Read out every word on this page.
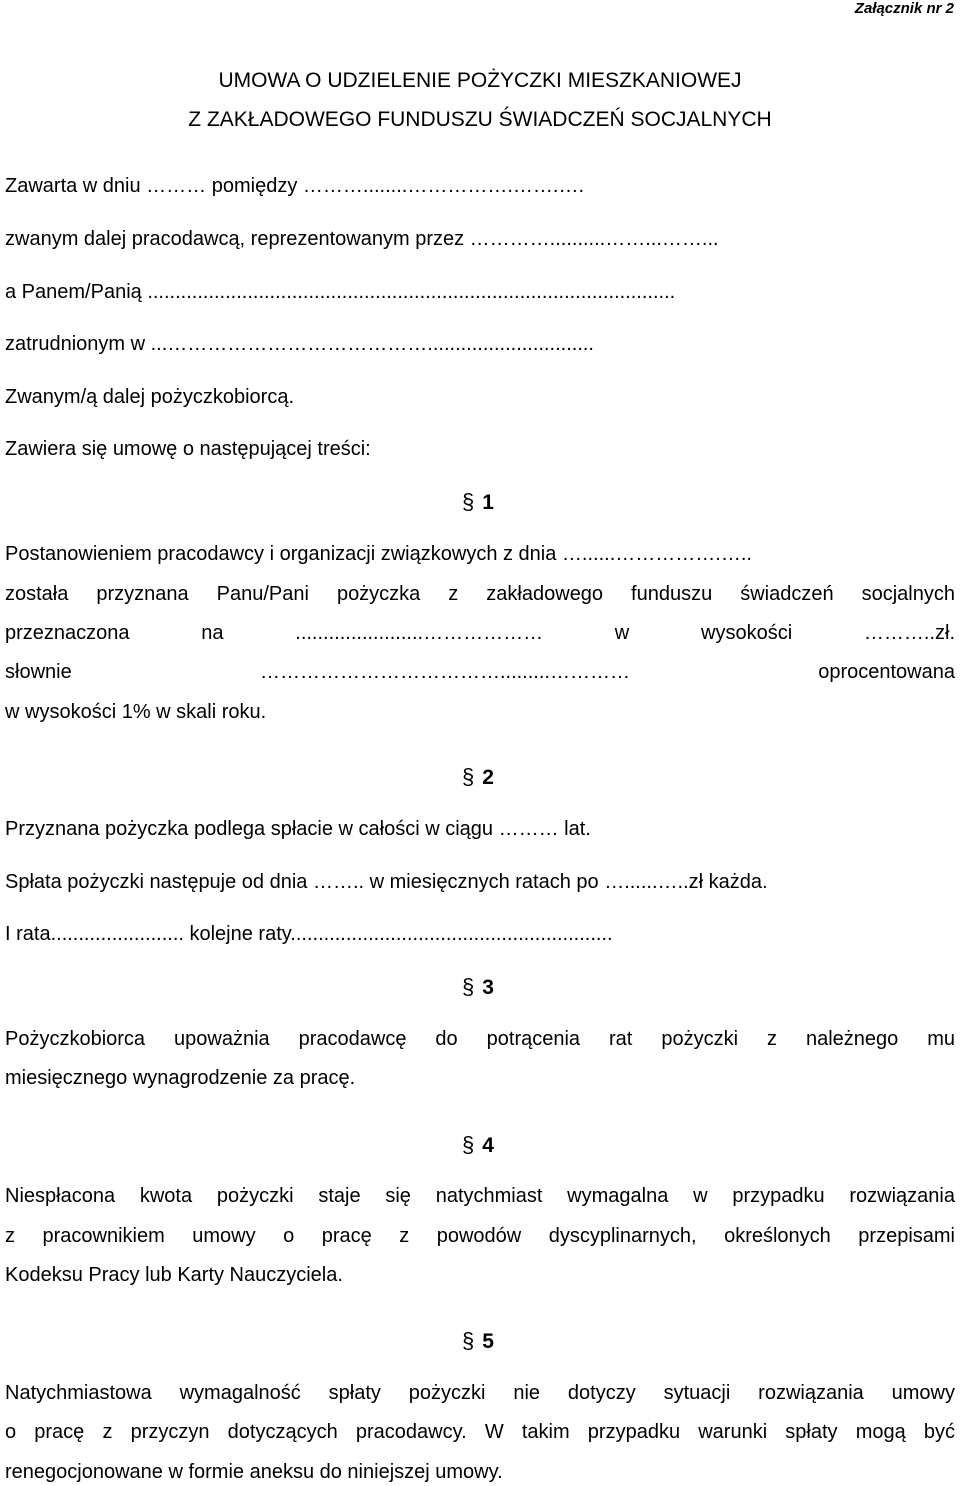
Załącznik nr 2
UMOWA O UDZIELENIE POŻYCZKI MIESZKANIOWEJ
Z ZAKŁADOWEGO FUNDUSZU ŚWIADCZEŃ SOCJALNYCH
Zawarta w dniu ……… pomiędzy ………........…………….…….….
zwanym dalej pracodawcą, reprezentowanym przez …………..........……...……...
a Panem/Panią ...............................................................................................
zatrudnionym w ...…………………………………..............................
Zwanym/ą dalej pożyczkobiorcą.
Zawiera się umowę o następującej treści:
§ 1
Postanowieniem pracodawcy i organizacji związkowych z dnia …......…………….…..
została przyznana Panu/Pani pożyczka z zakładowego funduszu świadczeń socjalnych
przeznaczona na .......................……………… w wysokości ………..zł.
słownie ……………………………….........………… oprocentowana
w wysokości 1% w skali roku.
§ 2
Przyznana pożyczka podlega spłacie w całości w ciągu ……… lat.
Spłata pożyczki następuje od dnia …….. w miesięcznych ratach po …......…..zł każda.
I rata........................ kolejne raty..........................................................
§ 3
Pożyczkobiorca upoważnia pracodawcę do potrącenia rat pożyczki z należnego mu
miesięcznego wynagrodzenie za pracę.
§ 4
Niespłacona kwota pożyczki staje się natychmiast wymagalna w przypadku rozwiązania
z pracownikiem umowy o pracę z powodów dyscyplinarnych, określonych przepisami
Kodeksu Pracy lub Karty Nauczyciela.
§ 5
Natychmiastowa wymagalność spłaty pożyczki nie dotyczy sytuacji rozwiązania umowy
o pracę z przyczyn dotyczących pracodawcy. W takim przypadku warunki spłaty mogą być
renegocjonowane w formie aneksu do niniejszej umowy.
